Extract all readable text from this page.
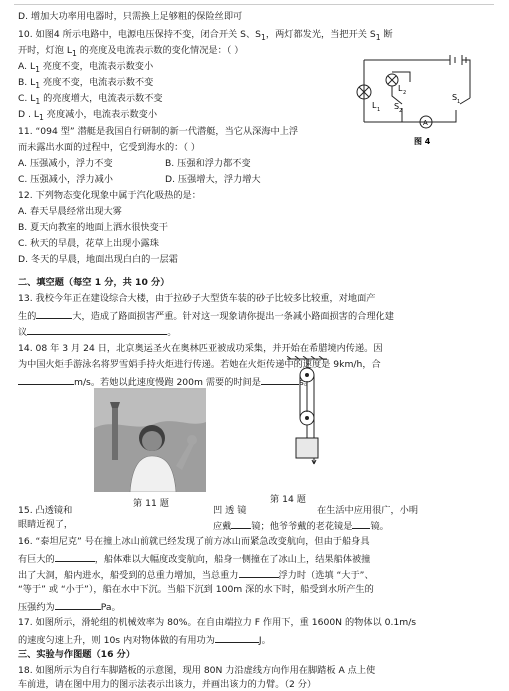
D. 增加大功率用电器时，只需换上足够粗的保险丝即可
10. 如图4 所示电路中，电源电压保持不变，闭合开关 S、$S_1$，两灯都发光，当把开关 $S_1$ 断
开时，灯泡 $L_1$ 的亮度及电流表示数的变化情况是：（ ）
A. $L_1$ 亮度不变，电流表示数变小
B. $L_1$ 亮度不变，电流表示数不变
C. $L_1$ 的亮度增大，电流表示数不变
D . $L_1$ 亮度减小，电流表示数变小
L 1
L 2
S 2
S 1
A
图 4
11. “094 型” 潜艇是我国自行研制的新一代潜艇，当它从深海中上浮
而未露出水面的过程中，它受到海水的：（ ）
A. 压强减小，浮力不变	B. 压强和浮力都不变
C. 压强减小，浮力减小	D. 压强增大，浮力增大
12. 下列物态变化现象中属于汽化吸热的是：
A. 春天早晨经常出现大雾
B. 夏天向教室的地面上洒水很快变干
C. 秋天的早晨，花草上出现小露珠
D. 冬天的早晨，地面出现白白的一层霜
二、填空题（每空 1 分，共 10 分）
13. 我校今年正在建设综合大楼，由于拉砂子大型货车装的砂子比较多比较重，对地面产
生的	大，造成了路面损害严重。针对这一现象请你提出一条减小路面损害的合理化建
议	。
14. 08 年 3 月 24 日，北京奥运圣火在奥林匹亚被成功采集，并开始在希腊境内传递。因
为中国火炬手游泳名将罗雪娟手持火炬进行传递。若她在火炬传递中的速度是 9km/h，合
m/s。若她以此速度慢跑 200m 需要的时间是	s。
第 11 题	第 14 题
15. 凸透镜和	凹 透 镜	在生活中应用很广，小明
眼睛近视了，	应戴 镜；他爷爷戴的老花镜是 镜。
16. “泰坦尼克” 号在撞上冰山前就已经发现了前方冰山而紧急改变航向，但由于船身具
有巨大的	，船体难以大幅度改变航向，船身一侧撞在了冰山上，结果船体被撞
出了大洞，船内进水，船受到的总重力增加，当总重力	浮力时（选填 “大于”、
“等于” 或 “小于”），船在水中下沉。当船下沉到 100m 深的水下时，船受到水所产生的
压强约为	Pa。
17. 如图所示，滑轮组的机械效率为 80%。在自由端拉力 F 作用下，重 1600N 的物体以 0.1m/s
的速度匀速上升，则 10s 内对物体做的有用功为	J。
三、实验与作图题（16 分）
18. 如图所示为自行车脚踏板的示意图，现用 80N 力沿虚线方向作用在脚踏板 A 点上使
车前进，请在图中用力的图示法表示出该力，并画出该力的力臂。（2 分）
